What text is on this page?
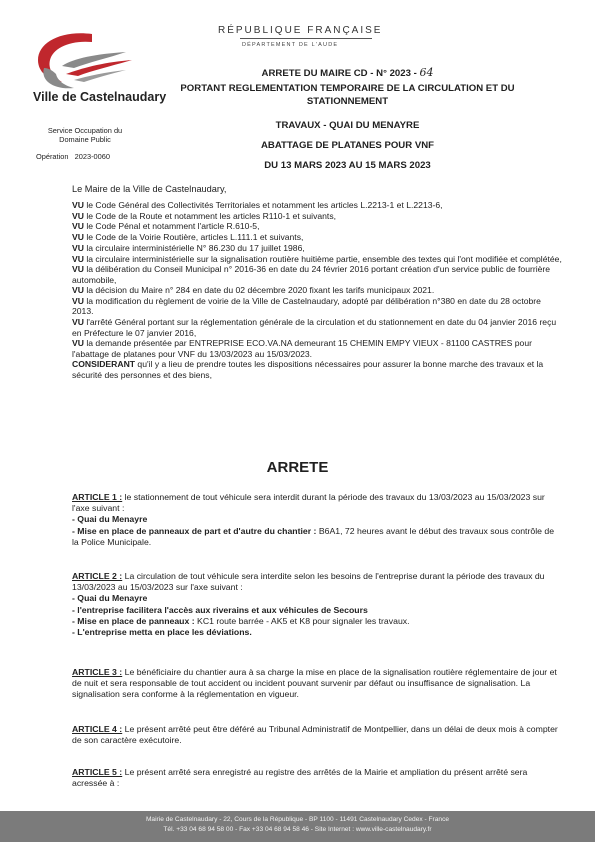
Ville de Castelnaudary
RÉPUBLIQUE FRANÇAISE
DÉPARTEMENT DE L'AUDE
Service Occupation du Domaine Public
Opération 2023-0060
ARRETE DU MAIRE CD - N° 2023 - 64
PORTANT REGLEMENTATION TEMPORAIRE DE LA CIRCULATION ET DU STATIONNEMENT
TRAVAUX - QUAI DU MENAYRE
ABATTAGE DE PLATANES POUR VNF
DU 13 MARS 2023 AU 15 MARS 2023
Le Maire de la Ville de Castelnaudary,
VU le Code Général des Collectivités Territoriales et notamment les articles L.2213-1 et L.2213-6,
VU le Code de la Route et notamment les articles R110-1 et suivants,
VU le Code Pénal et notamment l'article R.610-5,
VU le Code de la Voirie Routière, articles L.111.1 et suivants,
VU la circulaire interministérielle N° 86.230 du 17 juillet 1986,
VU la circulaire interministérielle sur la signalisation routière huitième partie, ensemble des textes qui l'ont modifiée et complétée,
VU la délibération du Conseil Municipal n° 2016-36 en date du 24 février 2016 portant création d'un service public de fourrière automobile,
VU la décision du Maire n° 284 en date du 02 décembre 2020 fixant les tarifs municipaux 2021.
VU la modification du règlement de voirie de la Ville de Castelnaudary, adopté par délibération n°380 en date du 28 octobre 2013.
VU l'arrêté Général portant sur la réglementation générale de la circulation et du stationnement en date du 04 janvier 2016 reçu en Préfecture le 07 janvier 2016,
VU la demande présentée par ENTREPRISE ECO.VA.NA demeurant 15 CHEMIN EMPY VIEUX - 81100 CASTRES pour l'abattage de platanes pour VNF du 13/03/2023 au 15/03/2023.
CONSIDERANT qu'il y a lieu de prendre toutes les dispositions nécessaires pour assurer la bonne marche des travaux et la sécurité des personnes et des biens,
ARRETE
ARTICLE 1 : le stationnement de tout véhicule sera interdit durant la période des travaux du 13/03/2023 au 15/03/2023 sur l'axe suivant :
- Quai du Menayre
- Mise en place de panneaux de part et d'autre du chantier : B6A1, 72 heures avant le début des travaux sous contrôle de la Police Municipale.
ARTICLE 2 : La circulation de tout véhicule sera interdite selon les besoins de l'entreprise durant la période des travaux du 13/03/2023 au 15/03/2023 sur l'axe suivant :
- Quai du Menayre
- l'entreprise facilitera l'accès aux riverains et aux véhicules de Secours
- Mise en place de panneaux : KC1 route barrée - AK5 et K8 pour signaler les travaux.
- L'entreprise metta en place les déviations.
ARTICLE 3 : Le bénéficiaire du chantier aura à sa charge la mise en place de la signalisation routière réglementaire de jour et de nuit et sera responsable de tout accident ou incident pouvant survenir par défaut ou insuffisance de signalisation. La signalisation sera conforme à la réglementation en vigueur.
ARTICLE 4 : Le présent arrêté peut être déféré au Tribunal Administratif de Montpellier, dans un délai de deux mois à compter de son caractère exécutoire.
ARTICLE 5 : Le présent arrêté sera enregistré au registre des arrêtés de la Mairie et ampliation du présent arrêté sera acressée à :
Mairie de Castelnaudary - 22, Cours de la République - BP 1100 - 11491 Castelnaudary Cedex - France
Tél. +33 04 68 94 58 00 - Fax +33 04 68 94 58 46 - Site Internet : www.ville-castelnaudary.fr
